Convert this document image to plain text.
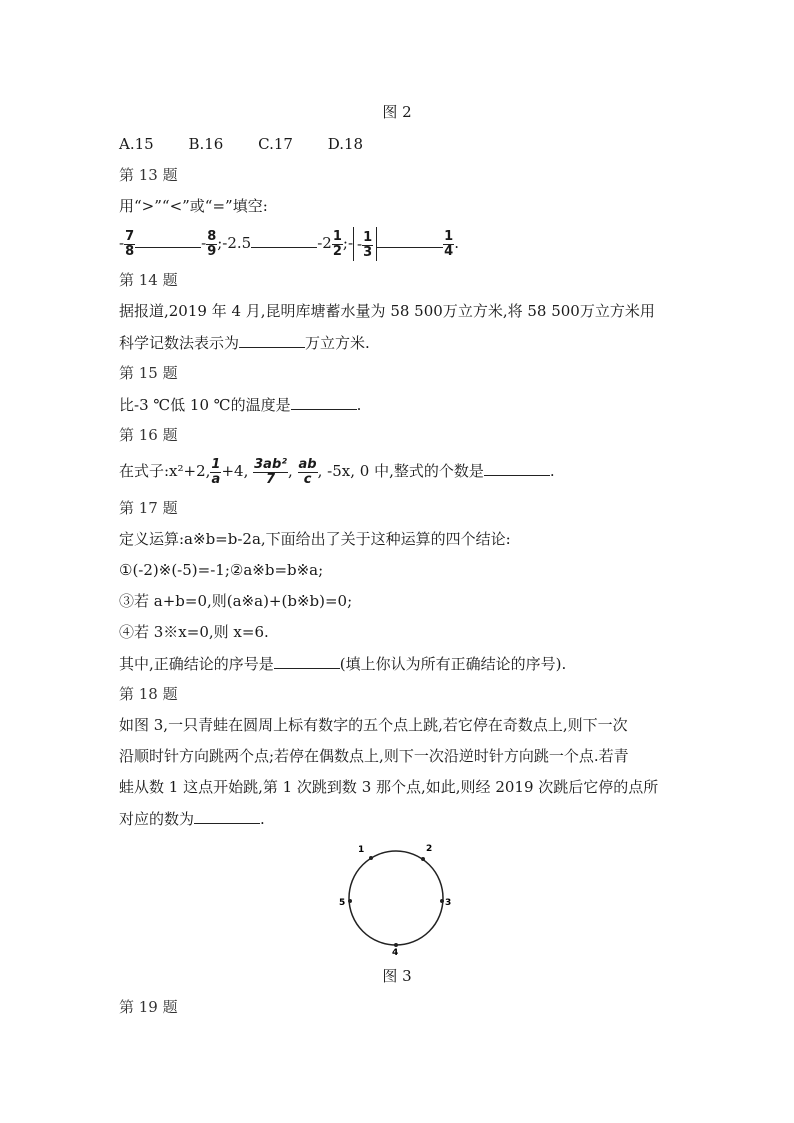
图 2
A.15 B.16 C.17 D.18
第 13 题
用“>”“<”或“=”填空:
- $\frac{7}{8}$	- $\frac{8}{9}$ ;-2.5	$-2 \frac{1}{2}$ ;- - $\frac{1}{3}$	$\frac{1}{4}$ .
第 14 题
据报道,2019 年 4 月,昆明库塘蓄水量为 58 500万立方米,将 58 500万立方米用
科学记数法表示为	万立方米.
第 15 题
比-3 ℃低 10 ℃的温度是	.
第 16 题
在式子:x²+2, $\frac{1}{a} +4$, $\frac{\text{3ab²}}{7}$ , $\frac{ab}{c}$ , -5x, 0 中,整式的个数是	.
第 17 题
定义运算:a※b=b-2a,下面给出了关于这种运算的四个结论:
①(-2)※(-5)=-1;②a※b=b※a;
③若 a+b=0,则(a※a)+(b※b)=0;
④若 3※x=0,则 x=6.
其中,正确结论的序号是	(填上你认为所有正确结论的序号).
第 18 题
如图 3,一只青蛙在圆周上标有数字的五个点上跳,若它停在奇数点上,则下一次
沿顺时针方向跳两个点;若停在偶数点上,则下一次沿逆时针方向跳一个点.若青
蛙从数 1 这点开始跳,第 1 次跳到数 3 那个点,如此,则经 2019 次跳后它停的点所
对应的数为	.
1	2
3
4
5
图 3
第 19 题
